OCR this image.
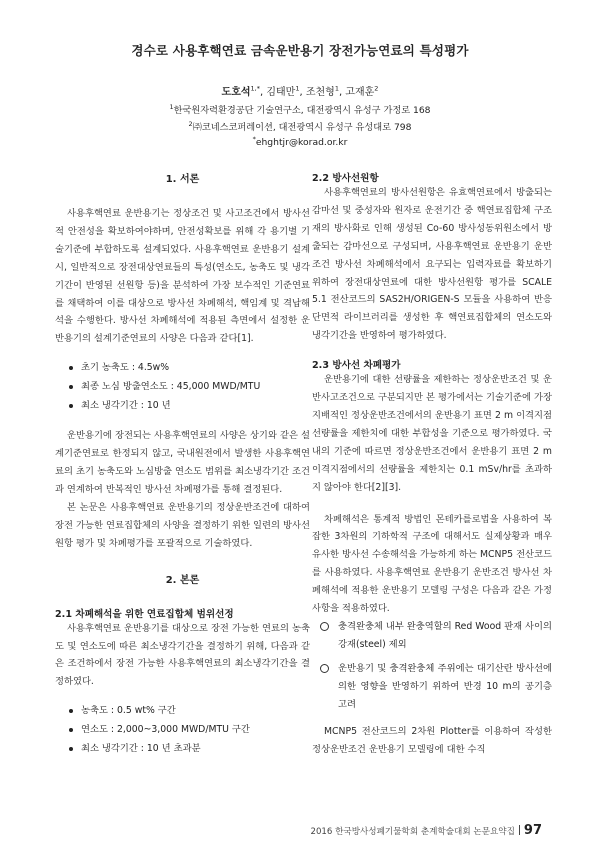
경수로 사용후핵연료 금속운반용기 장전가능연료의 특성평가
도호석$^{1,*}$, 김태만$^1$, 조천형$^1$, 고재훈$^2$
$^1$한국원자력환경공단 기술연구소, 대전광역시 유성구 가정로 168
$^2$㈜코네스코퍼레이션, 대전광역시 유성구 유성대로 798
*ehghtjr@korad.or.kr
1. 서론

사용후핵연료 운반용기는 정상조건 및 사고조건에서 방사선적 안전성을 확보하여야하며, 안전성확보를 위해 각 용기별 기술기준에 부합하도록 설계되었다. 사용후핵연료 운반용기 설계 시, 일반적으로 장전대상연료들의 특성(연소도, 농축도 및 냉각기간이 반영된 선원항 등)을 분석하여 가장 보수적인 기준연료를 채택하여 이를 대상으로 방사선 차폐해석, 핵임계 및 격납해석을 수행한다. 방사선 차폐해석에 적용된 측면에서 설정한 운반용기의 설계기준연료의 사양은 다음과 같다[1].

초기 농축도 : 4.5w%
최종 노심 방출연소도 : 45,000 MWD/MTU
최소 냉각기간 : 10 년

운반용기에 장전되는 사용후핵연료의 사양은 상기와 같은 설계기준연료로 한정되지 않고, 국내원전에서 발생한 사용후핵연료의 초기 농축도와 노심방출 연소도 범위를 최소냉각기간 조건과 연계하여 반복적인 방사선 차폐평가를 통해 결정된다.

본 논문은 사용후핵연료 운반용기의 정상운반조건에 대하여 장전 가능한 연료집합체의 사양을 결정하기 위한 일련의 방사선원항 평가 및 차폐평가를 포괄적으로 기술하였다.

2. 본론
2.1 차폐해석을 위한 연료집합체 범위선정

사용후핵연료 운반용기를 대상으로 장전 가능한 연료의 농축도 및 연소도에 따른 최소냉각기간을 결정하기 위해, 다음과 같은 조건하에서 장전 가능한 사용후핵연료의 최소냉각기간을 결정하였다.

농축도 : 0.5 wt% 구간
연소도 : 2,000~3,000 MWD/MTU 구간
최소 냉각기간 : 10 년 초과분
2.2 방사선원항

사용후핵연료의 방사선원항은 유효핵연료에서 방출되는 감마선 및 중성자와 원자로 운전기간 중 핵연료집합체 구조재의 방사화로 인해 생성된 Co-60 방사성동위원소에서 방출되는 감마선으로 구성되며, 사용후핵연료 운반용기 운반조건 방사선 차폐해석에서 요구되는 입력자료를 확보하기 위하여 장전대상연료에 대한 방사선원항 평가를 SCALE 5.1 전산코드의 SAS2H/ORIGEN-S 모듈을 사용하여 반응단면적 라이브러리를 생성한 후 핵연료집합체의 연소도와 냉각기간을 반영하여 평가하였다.

2.3 방사선 차폐평가

운반용기에 대한 선량률을 제한하는 정상운반조건 및 운반사고조건으로 구분되지만 본 평가에서는 기술기준에 가장 지배적인 정상운반조건에서의 운반용기 표면 2 m 이격지점 선량률을 제한치에 대한 부합성을 기준으로 평가하였다. 국내의 기준에 따르면 정상운반조건에서 운반용기 표면 2 m 이격지점에서의 선량률을 제한치는 0.1 mSv/hr를 초과하지 않아야 한다[2][3].

차폐해석은 통계적 방법인 몬테카를로법을 사용하여 복잡한 3차원의 기하학적 구조에 대해서도 실제상황과 매우 유사한 방사선 수송해석을 가능하게 하는 MCNP5 전산코드를 사용하였다. 사용후핵연료 운반용기 운반조건 방사선 차폐해석에 적용한 운반용기 모델링 구성은 다음과 같은 가정사항을 적용하였다.

충격완충체 내부 완충역할의 Red Wood 판재 사이의 강재(steel) 제외
운반용기 및 충격완충체 주위에는 대기산란 방사선에 의한 영향을 반영하기 위하여 반경 10 m의 공기층 고려

MCNP5 전산코드의 2차원 Plotter를 이용하여 작성한 정상운반조건 운반용기 모델링에 대한 수직

2016 한국방사성폐기물학회 춘계학술대회 논문요약집 97
